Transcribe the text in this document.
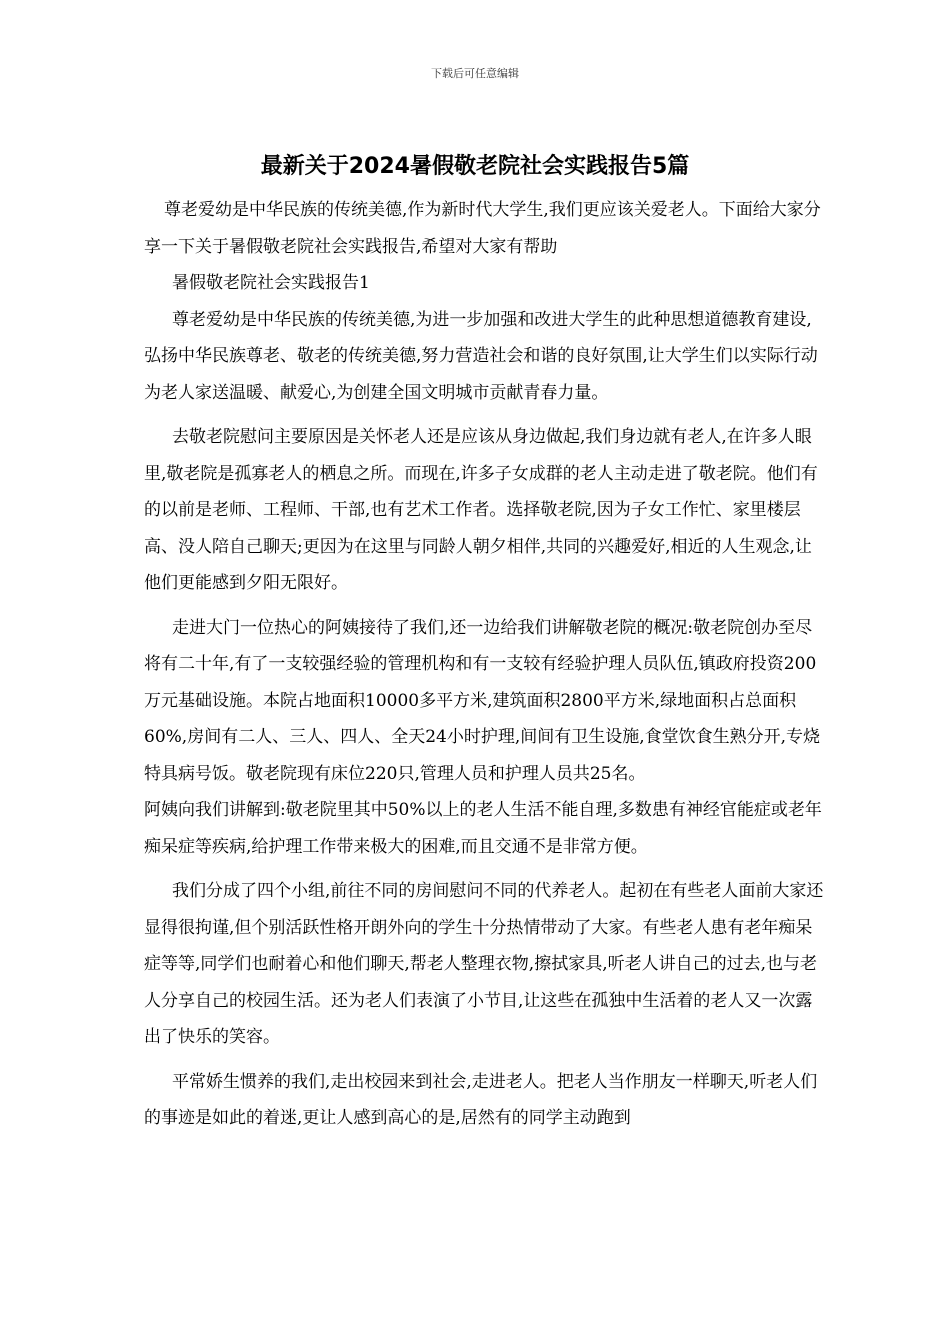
下载后可任意编辑
最新关于2024暑假敬老院社会实践报告5篇

尊老爱幼是中华民族的传统美德,作为新时代大学生,我们更应该关爱老人。下面给大家分享一下关于暑假敬老院社会实践报告,希望对大家有帮助

暑假敬老院社会实践报告1

尊老爱幼是中华民族的传统美德,为进一步加强和改进大学生的此种思想道德教育建设,弘扬中华民族尊老、敬老的传统美德,努力营造社会和谐的良好氛围,让大学生们以实际行动为老人家送温暖、献爱心,为创建全国文明城市贡献青春力量。

去敬老院慰问主要原因是关怀老人还是应该从身边做起,我们身边就有老人,在许多人眼里,敬老院是孤寡老人的栖息之所。而现在,许多子女成群的老人主动走进了敬老院。他们有的以前是老师、工程师、干部,也有艺术工作者。选择敬老院,因为子女工作忙、家里楼层高、没人陪自己聊天;更因为在这里与同龄人朝夕相伴,共同的兴趣爱好,相近的人生观念,让他们更能感到夕阳无限好。

走进大门一位热心的阿姨接待了我们,还一边给我们讲解敬老院的概况:敬老院创办至尽将有二十年,有了一支较强经验的管理机构和有一支较有经验护理人员队伍,镇政府投资200万元基础设施。本院占地面积10000多平方米,建筑面积2800平方米,绿地面积占总面积60%,房间有二人、三人、四人、全天24小时护理,间间有卫生设施,食堂饮食生熟分开,专烧特具病号饭。敬老院现有床位220只,管理人员和护理人员共25名。

阿姨向我们讲解到:敬老院里其中50%以上的老人生活不能自理,多数患有神经官能症或老年痴呆症等疾病,给护理工作带来极大的困难,而且交通不是非常方便。

我们分成了四个小组,前往不同的房间慰问不同的代养老人。起初在有些老人面前大家还显得很拘谨,但个别活跃性格开朗外向的学生十分热情带动了大家。有些老人患有老年痴呆症等等,同学们也耐着心和他们聊天,帮老人整理衣物,擦拭家具,听老人讲自己的过去,也与老人分享自己的校园生活。还为老人们表演了小节目,让这些在孤独中生活着的老人又一次露出了快乐的笑容。

平常娇生惯养的我们,走出校园来到社会,走进老人。把老人当作朋友一样聊天,听老人们的事迹是如此的着迷,更让人感到高心的是,居然有的同学主动跑到
